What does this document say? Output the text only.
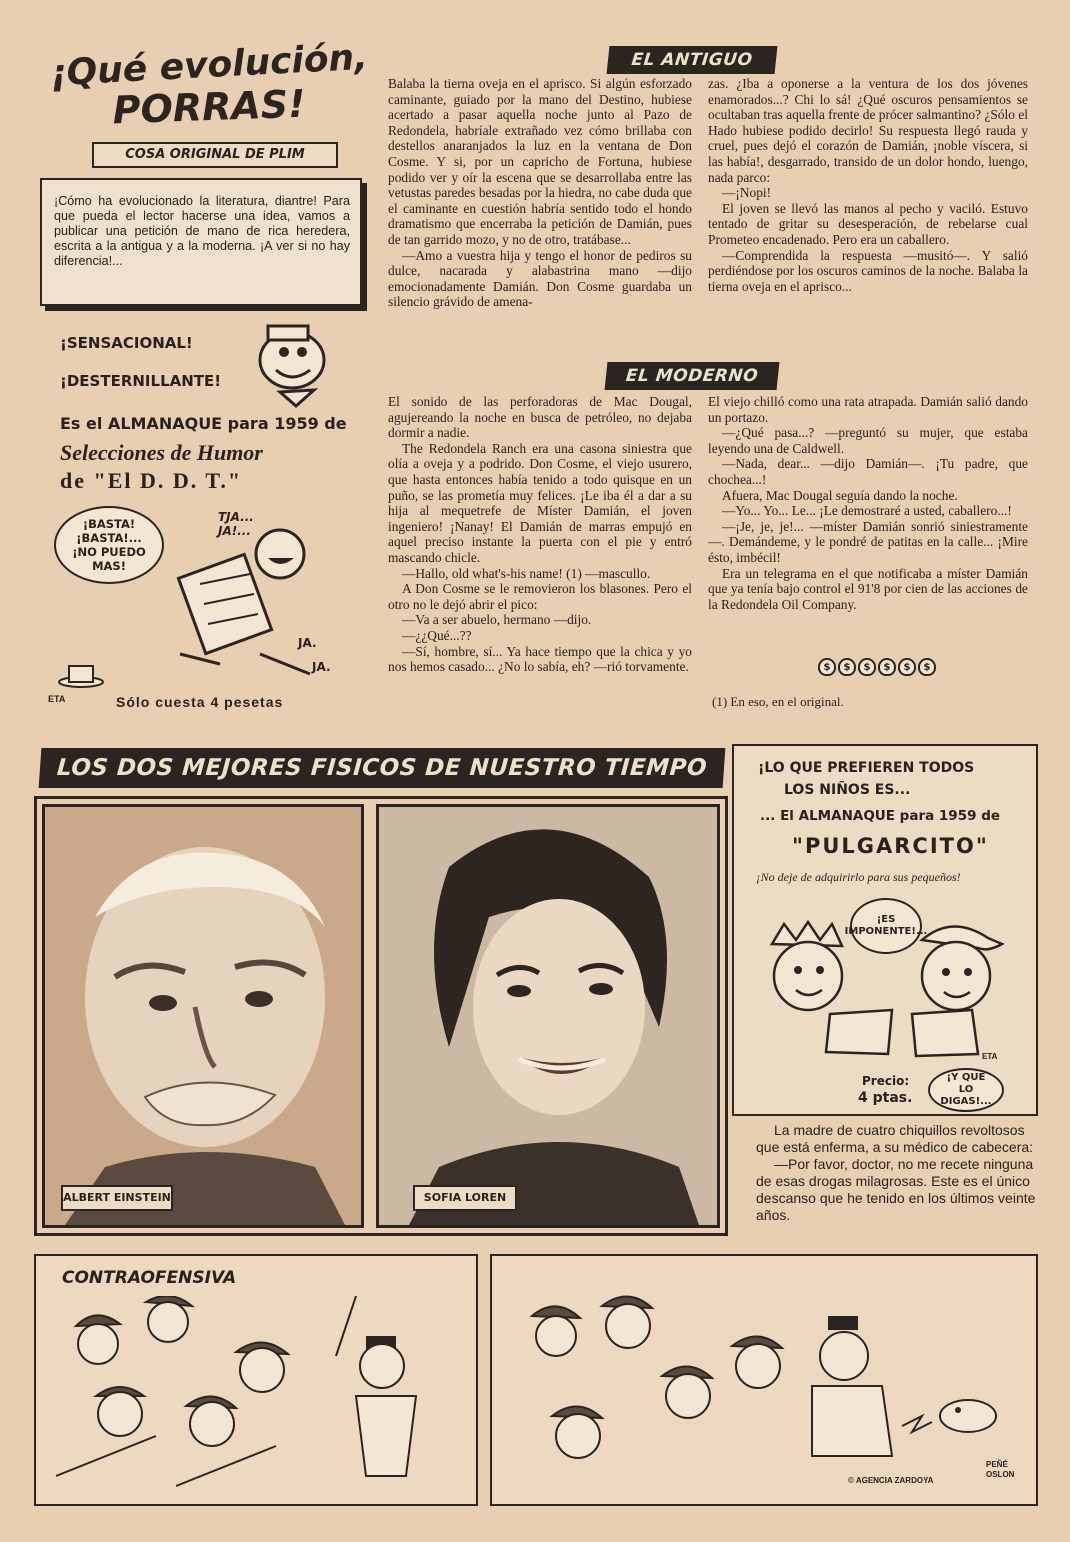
¡Qué evolución,
PORRAS!
COSA ORIGINAL DE PLIM

¡Cómo ha evolucionado la literatura, diantre! Para que pueda el lector hacerse una idea, vamos a publicar una petición de mano de rica heredera, escrita a la antigua y a la moderna. ¡A ver si no hay diferencia!...

¡SENSACIONAL!
¡DESTERNILLANTE!
Es el ALMANAQUE para 1959 de
Selecciones de Humor
de "El D. D. T."
¡BASTA! ¡BASTA!... ¡NO PUEDO MAS!
TJA... JA!...
JA.
JA.
ETA	Sólo cuesta 4 pesetas
EL ANTIGUO

Balaba la tierna oveja en el aprisco. Si algún esforzado caminante, guiado por la mano del Destino, hubiese acertado a pasar aquella noche junto al Pazo de Redondela, habríale extrañado vez cómo brillaba con destellos anaranjados la luz en la ventana de Don Cosme. Y si, por un capricho de Fortuna, hubiese podido ver y oír la escena que se desarrollaba entre las vetustas paredes besadas por la hiedra, no cabe duda que el caminante en cuestión habría sentido todo el hondo dramatismo que encerraba la petición de Damián, pues de tan garrido mozo, y no de otro, tratábase...

—Amo a vuestra hija y tengo el honor de pediros su dulce, nacarada y alabastrina mano —dijo emocionadamente Damián. Don Cosme guardaba un silencio grávido de amena-

zas. ¿Iba a oponerse a la ventura de los dos jóvenes enamorados...? Chi lo sá! ¿Qué oscuros pensamientos se ocultaban tras aquella frente de prócer salmantino? ¿Sólo el Hado hubiese podido decirlo! Su respuesta llegó rauda y cruel, pues dejó el corazón de Damián, ¡noble víscera, si las había!, desgarrado, transido de un dolor hondo, luengo, nada parco:

—¡Nopi!

El joven se llevó las manos al pecho y vaciló. Estuvo tentado de gritar su desesperación, de rebelarse cual Prometeo encadenado. Pero era un caballero.

—Comprendida la respuesta —musitó—. Y salió perdiéndose por los oscuros caminos de la noche. Balaba la tierna oveja en el aprisco...

EL MODERNO

El sonido de las perforadoras de Mac Dougal, agujereando la noche en busca de petróleo, no dejaba dormir a nadie.

The Redondela Ranch era una casona siniestra que olía a oveja y a podrido. Don Cosme, el viejo usurero, que hasta entonces había tenido a todo quisque en un puño, se las prometía muy felices. ¡Le iba él a dar a su hija al mequetrefe de Míster Damián, el joven ingeniero! ¡Nanay! El Damián de marras empujó en aquel preciso instante la puerta con el pie y entró mascando chicle.

—Hallo, old what's-his name! (1) —mascullo.

A Don Cosme se le removieron los blasones. Pero el otro no le dejó abrir el pico:

—Va a ser abuelo, hermano —dijo.

—¿¿Qué...??

—Sí, hombre, sí... Ya hace tiempo que la chica y yo nos hemos casado... ¿No lo sabía, eh? —rió torvamente.

El viejo chilló como una rata atrapada. Damián salió dando un portazo.

—¿Qué pasa...? —preguntó su mujer, que estaba leyendo una de Caldwell.

—Nada, dear... —dijo Damián—. ¡Tu padre, que chochea...!

Afuera, Mac Dougal seguía dando la noche.

—Yo... Yo... Le... ¡Le demostraré a usted, caballero...!

—¡Je, je, je!... —míster Damián sonrió siniestramente—. Demándeme, y le pondré de patitas en la calle... ¡Mire ésto, imbécil!

Era un telegrama en el que notificaba a míster Damián que ya tenía bajo control el 91'8 por cien de las acciones de la Redondela Oil Company.

$	$	$	$	$	$
(1) En eso, en el original.
LOS DOS MEJORES FISICOS DE NUESTRO TIEMPO
ALBERT EINSTEIN	SOFIA LOREN
¡LO QUE PREFIEREN TODOS
LOS NIÑOS ES...
... El ALMANAQUE para 1959 de
"PULGARCITO"
¡No deje de adquirirlo para sus pequeños!
¡ES IMPONENTE!...
ETA
Precio:
4 ptas.
¡Y QUE LO DIGAS!...

La madre de cuatro chiquillos revoltosos que está enferma, a su médico de cabecera:

—Por favor, doctor, no me recete ninguna de esas drogas milagrosas. Este es el único descanso que he tenido en los últimos veinte años.

CONTRAOFENSIVA
© AGENCIA ZARDOYA
PEÑÉ OSLON
